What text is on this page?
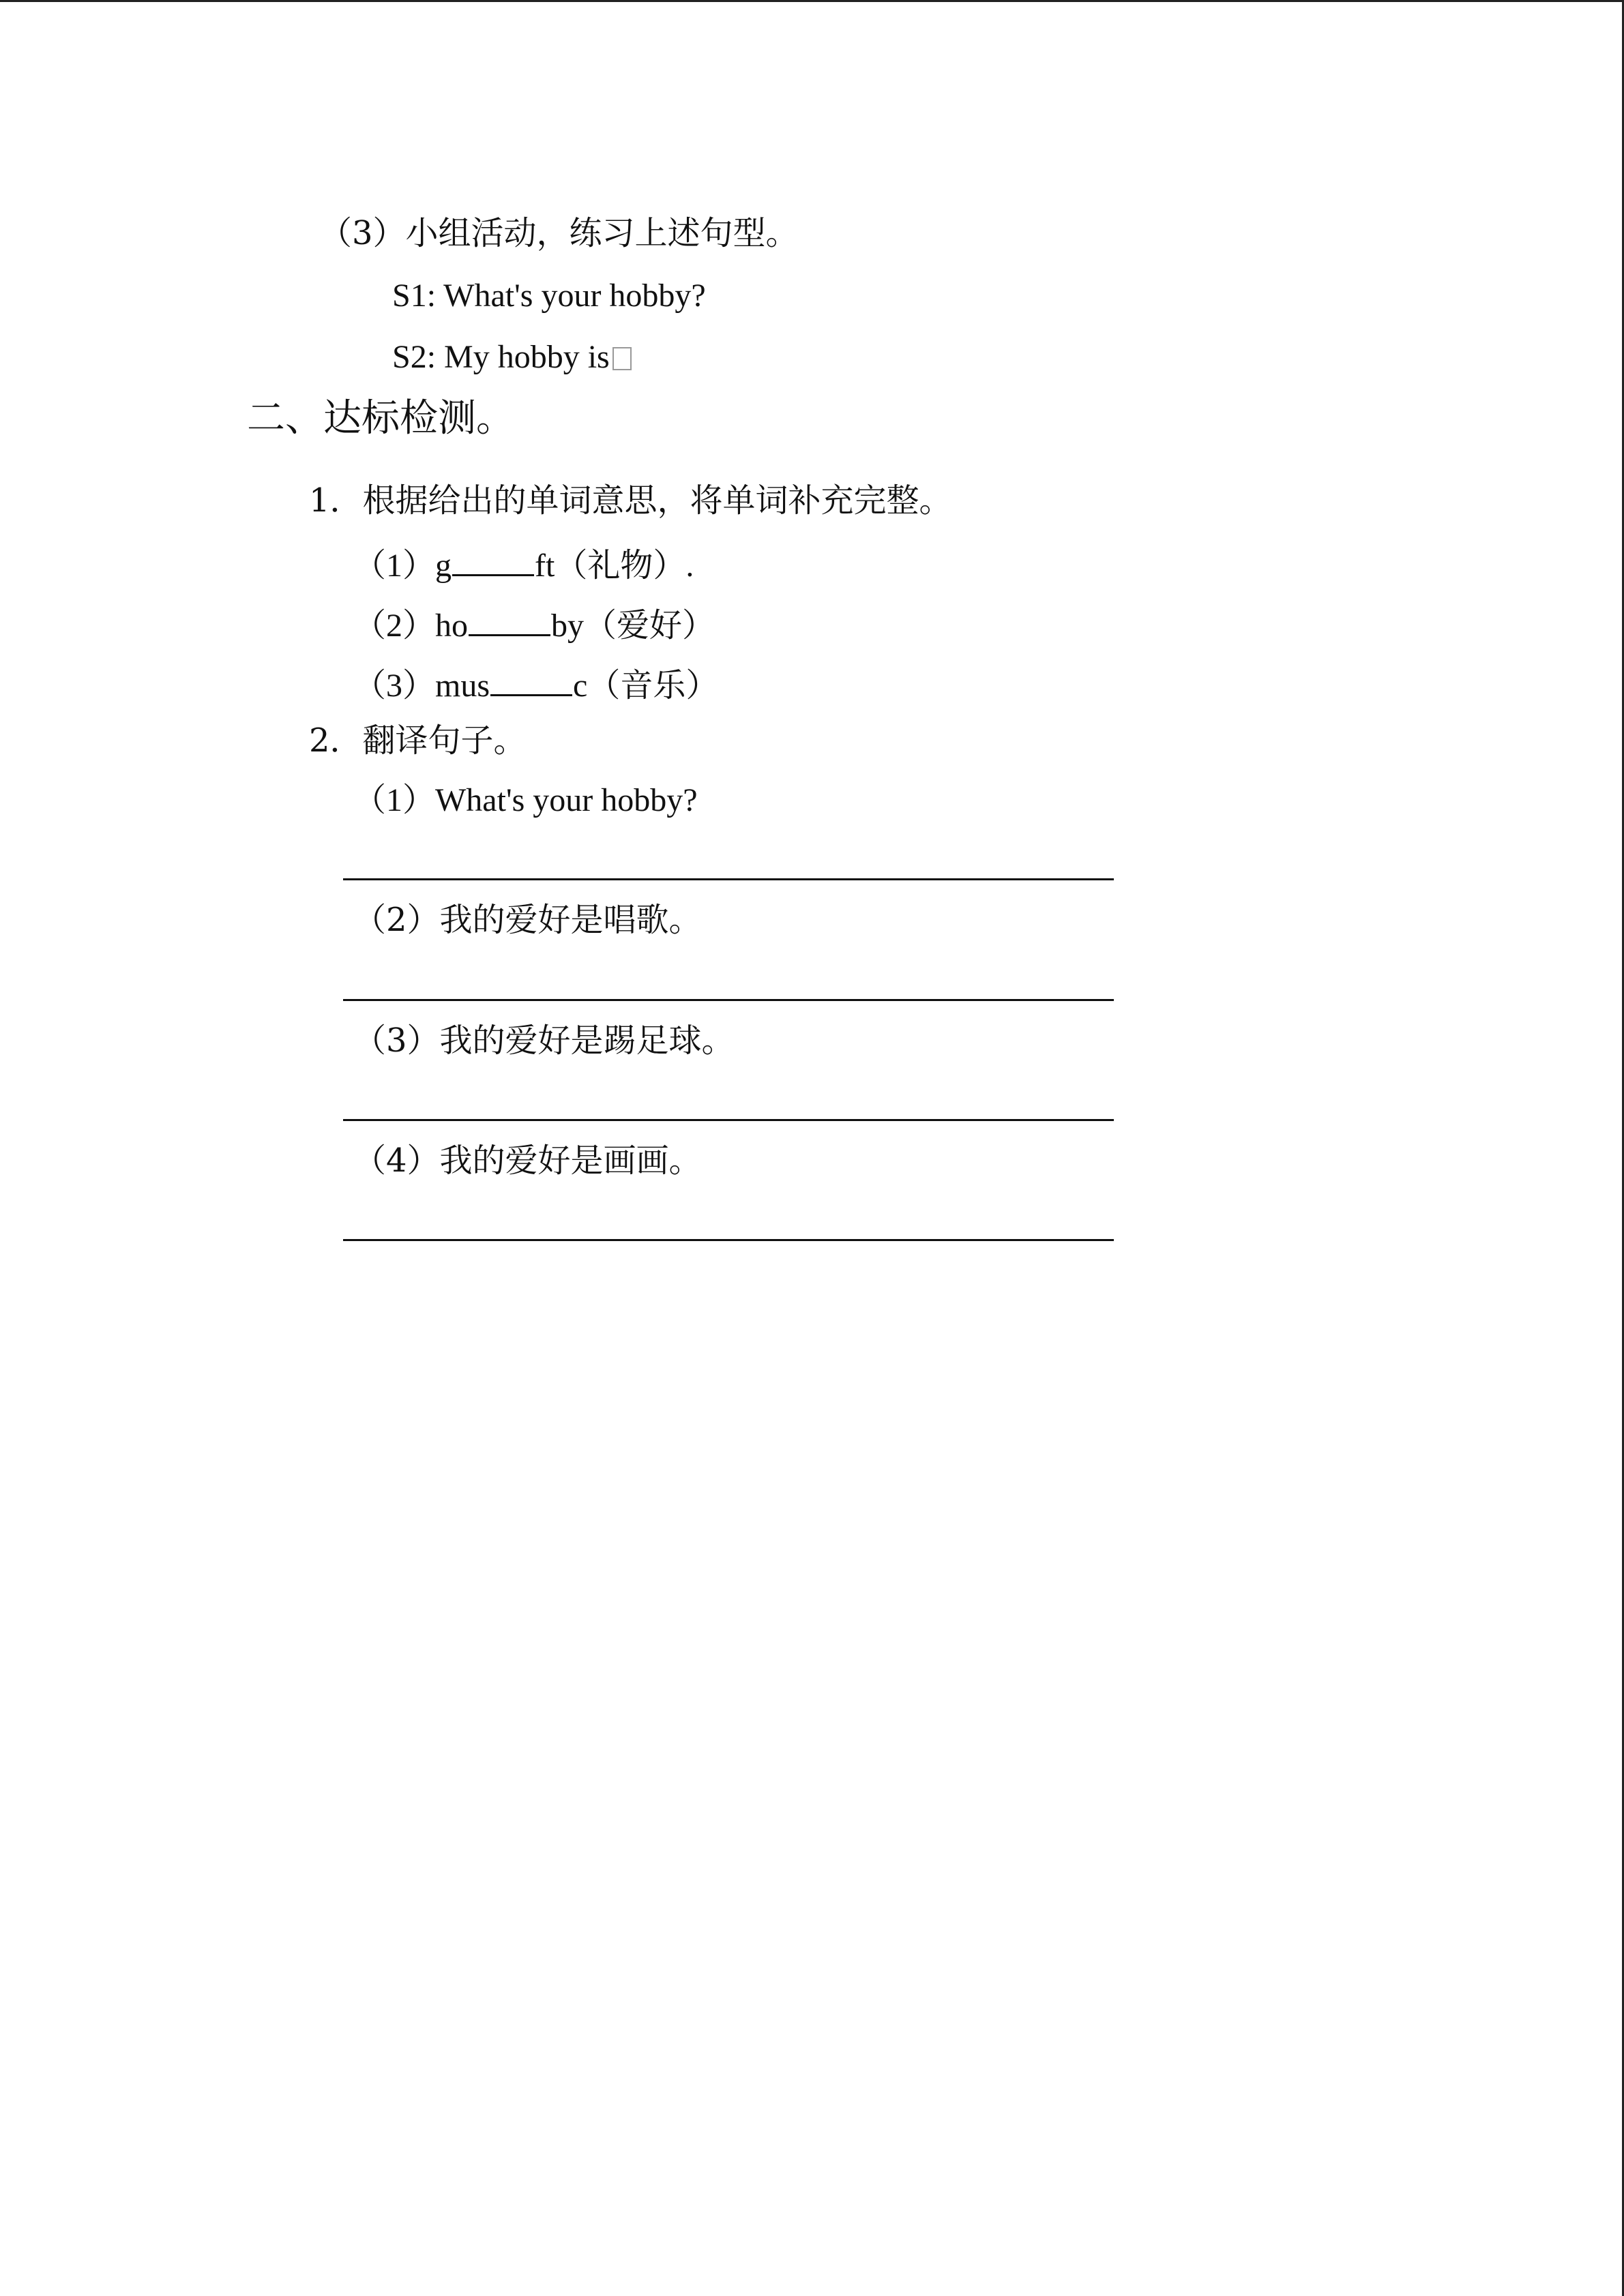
（3）小组活动，练习上述句型。
S1: What's your hobby?
S2: My hobby is
二、达标检测。
1．根据给出的单词意思，将单词补充完整。
（1）g	ft（礼物）.
（2）ho	by（爱好）
（3）mus	c（音乐）
2．翻译句子。
（1）What's your hobby?
（2）我的爱好是唱歌。
（3）我的爱好是踢足球。
（4）我的爱好是画画。
